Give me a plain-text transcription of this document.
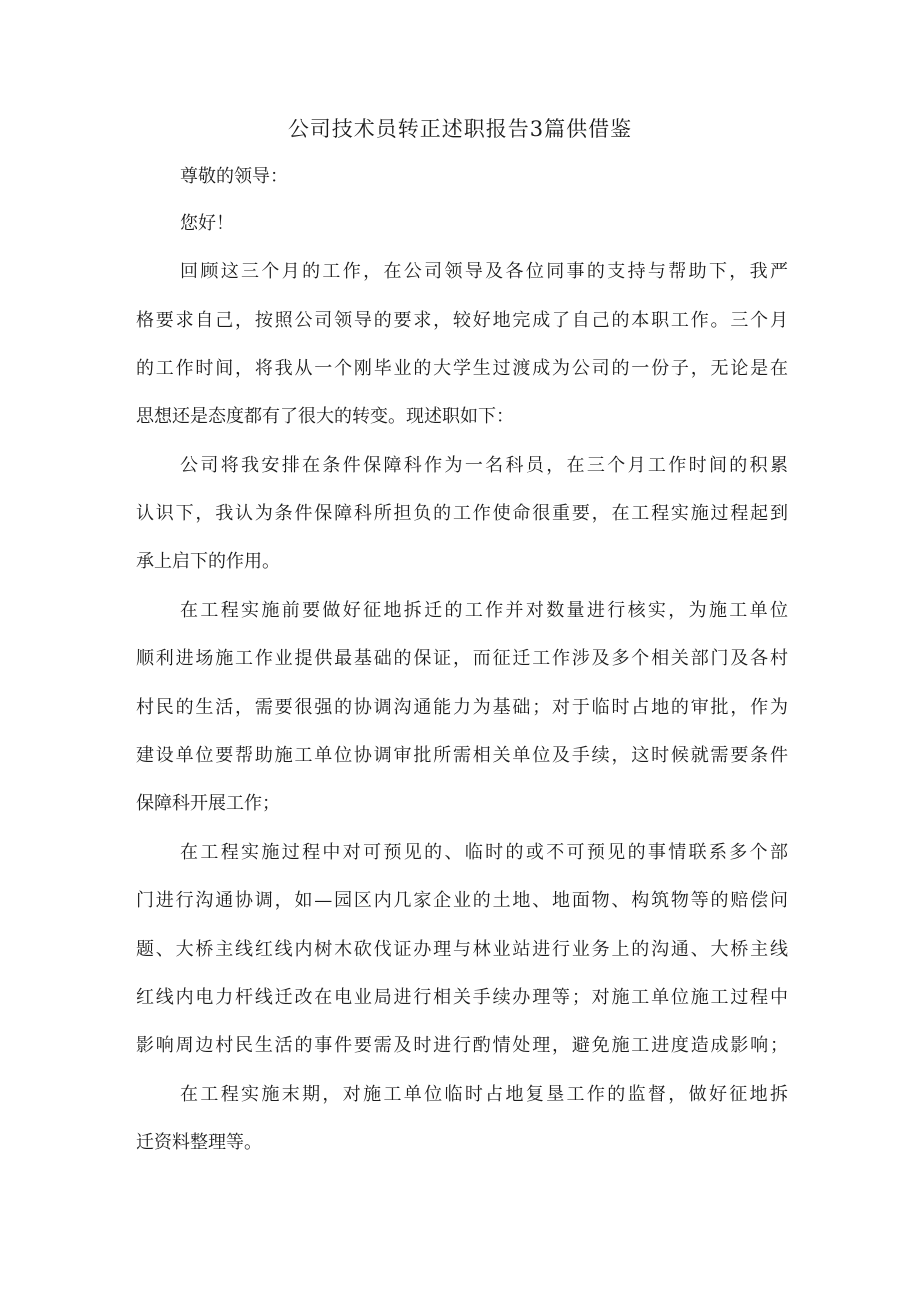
公司技术员转正述职报告3篇供借鉴
尊敬的领导：
您好！
回顾这三个月的工作，在公司领导及各位同事的支持与帮助下，我严
格要求自己，按照公司领导的要求，较好地完成了自己的本职工作。三个月
的工作时间，将我从一个刚毕业的大学生过渡成为公司的一份子，无论是在
思想还是态度都有了很大的转变。现述职如下：
公司将我安排在条件保障科作为一名科员，在三个月工作时间的积累
认识下，我认为条件保障科所担负的工作使命很重要，在工程实施过程起到
承上启下的作用。
在工程实施前要做好征地拆迁的工作并对数量进行核实，为施工单位
顺利进场施工作业提供最基础的保证，而征迁工作涉及多个相关部门及各村
村民的生活，需要很强的协调沟通能力为基础；对于临时占地的审批，作为
建设单位要帮助施工单位协调审批所需相关单位及手续，这时候就需要条件
保障科开展工作；
在工程实施过程中对可预见的、临时的或不可预见的事情联系多个部
门进行沟通协调，如—园区内几家企业的土地、地面物、构筑物等的赔偿问
题、大桥主线红线内树木砍伐证办理与林业站进行业务上的沟通、大桥主线
红线内电力杆线迁改在电业局进行相关手续办理等；对施工单位施工过程中
影响周边村民生活的事件要需及时进行酌情处理，避免施工进度造成影响；
在工程实施末期，对施工单位临时占地复垦工作的监督，做好征地拆
迁资料整理等。
